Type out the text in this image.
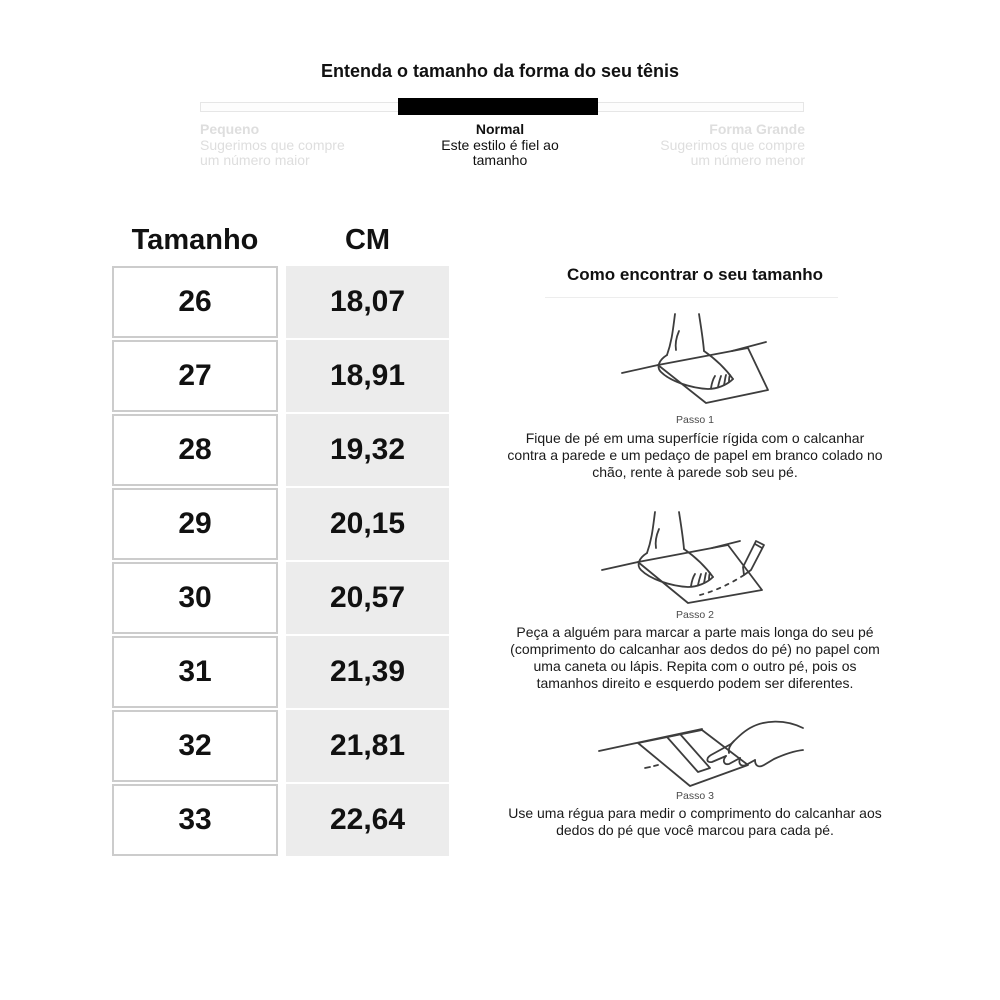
Entenda o tamanho da forma do seu tênis
Pequeno
Sugerimos que compre um número maior
Normal
Este estilo é fiel ao tamanho
Forma Grande
Sugerimos que compre um número menor
Tamanho	CM
26	18,07
27	18,91
28	19,32
29	20,15
30	20,57
31	21,39
32	21,81
33	22,64
Como encontrar o seu tamanho
Passo 1
Fique de pé em uma superfície rígida com o calcanhar contra a parede e um pedaço de papel em branco colado no chão, rente à parede sob seu pé.
Passo 2
Peça a alguém para marcar a parte mais longa do seu pé (comprimento do calcanhar aos dedos do pé) no papel com uma caneta ou lápis. Repita com o outro pé, pois os tamanhos direito e esquerdo podem ser diferentes.
Passo 3
Use uma régua para medir o comprimento do calcanhar aos dedos do pé que você marcou para cada pé.
